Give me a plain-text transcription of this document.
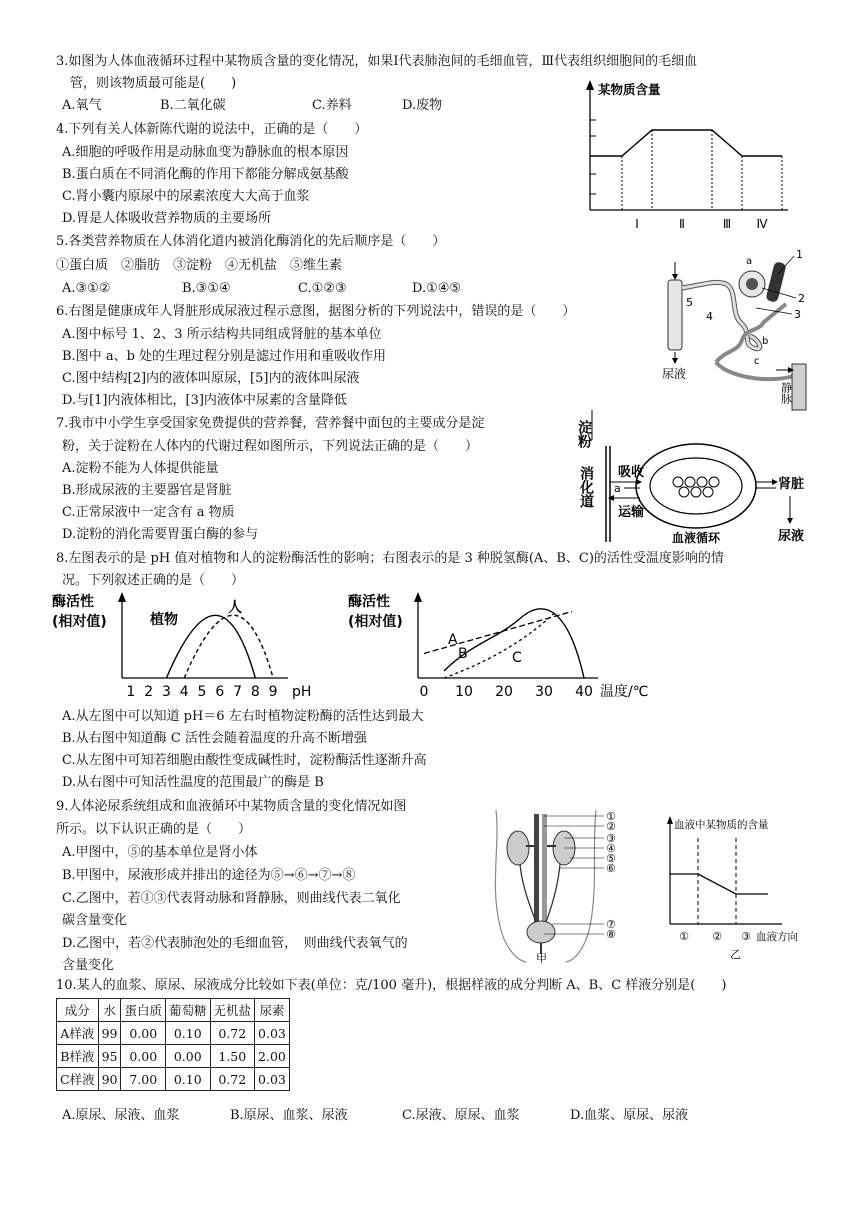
3.如图为人体血液循环过程中某物质含量的变化情况，如果Ⅰ代表肺泡间的毛细血管，Ⅲ代表组织细胞间的毛细血
管，则该物质最可能是(　　)
A.氧气	B.二氧化碳	C.养料	D.废物
某物质含量
Ⅰ	Ⅱ	Ⅲ Ⅳ
4.下列有关人体新陈代谢的说法中，正确的是（　　）
A.细胞的呼吸作用是动脉血变为静脉血的根本原因
B.蛋白质在不同消化酶的作用下都能分解成氨基酸
C.肾小囊内原尿中的尿素浓度大大高于血浆
D.胃是人体吸收营养物质的主要场所
5.各类营养物质在人体消化道内被消化酶消化的先后顺序是（　　）
①蛋白质　②脂肪　③淀粉　④无机盐　⑤维生素
A.③①②	B.③①④	C.①②③	D.①④⑤
5
尿液
a
1
2
3
4
b
c
静脉
6.右图是健康成年人肾脏形成尿液过程示意图，据图分析的下列说法中，错误的是（　　）
A.图中标号 1、2、3 所示结构共同组成肾脏的基本单位
B.图中 a、b 处的生理过程分别是滤过作用和重吸收作用
C.图中结构[2]内的液体叫原尿，[5]内的液体叫尿液
D.与[1]内液体相比，[3]内液体中尿素的含量降低
7.我市中小学生享受国家免费提供的营养餐，营养餐中面包的主要成分是淀
粉，关于淀粉在人体内的代谢过程如图所示，下列说法正确的是（　　）
A.淀粉不能为人体提供能量
B.形成尿液的主要器官是肾脏
C.正常尿液中一定含有 a 物质
D.淀粉的消化需要胃蛋白酶的参与
淀粉
消化道 a
吸收
运输
血液循环
肾脏
尿液
8.左图表示的是 pH 值对植物和人的淀粉酶活性的影响；右图表示的是 3 种脱氢酶(A、B、C)的活性受温度影响的情
况。下列叙述正确的是（　　）
酶活性
(相对值)
1 2 3 4 5 6 7 8 9
植物
人
pH
酶活性
(相对值)
0 10 20 30 40
A
B	C
温度/℃
A.从左图中可以知道 pH＝6 左右时植物淀粉酶的活性达到最大
B.从右图中知道酶 C 活性会随着温度的升高不断增强
C.从左图中可知若细胞由酸性变成碱性时，淀粉酶活性逐渐升高
D.从右图中可知活性温度的范围最广的酶是 B
9.人体泌尿系统组成和血液循环中某物质含量的变化情况如图
所示。以下认识正确的是（　　）
A.甲图中，⑤的基本单位是肾小体
B.甲图中，尿液形成并排出的途径为⑤→⑥→⑦→⑧
C.乙图中，若①③代表肾动脉和肾静脉，则曲线代表二氧化
碳含量变化
D.乙图中，若②代表肺泡处的毛细血管，　则曲线代表氧气的
含量变化
①
②
③
④
⑤
⑥
⑦
⑧
甲
血液中某物质的含量
① ② ③ 血液方向
乙
10.某人的血浆、原尿、尿液成分比较如下表(单位：克/100 毫升)，根据样液的成分判断 A、B、C 样液分别是(　　)
成分	水	蛋白质	葡萄糖	无机盐	尿素
A样液	99	0.00	0.10	0.72	0.03
B样液	95	0.00	0.00	1.50	2.00
C样液	90	7.00	0.10	0.72	0.03
A.原尿、尿液、血浆	B.原尿、血浆、尿液	C.尿液、原尿、血浆	D.血浆、原尿、尿液
